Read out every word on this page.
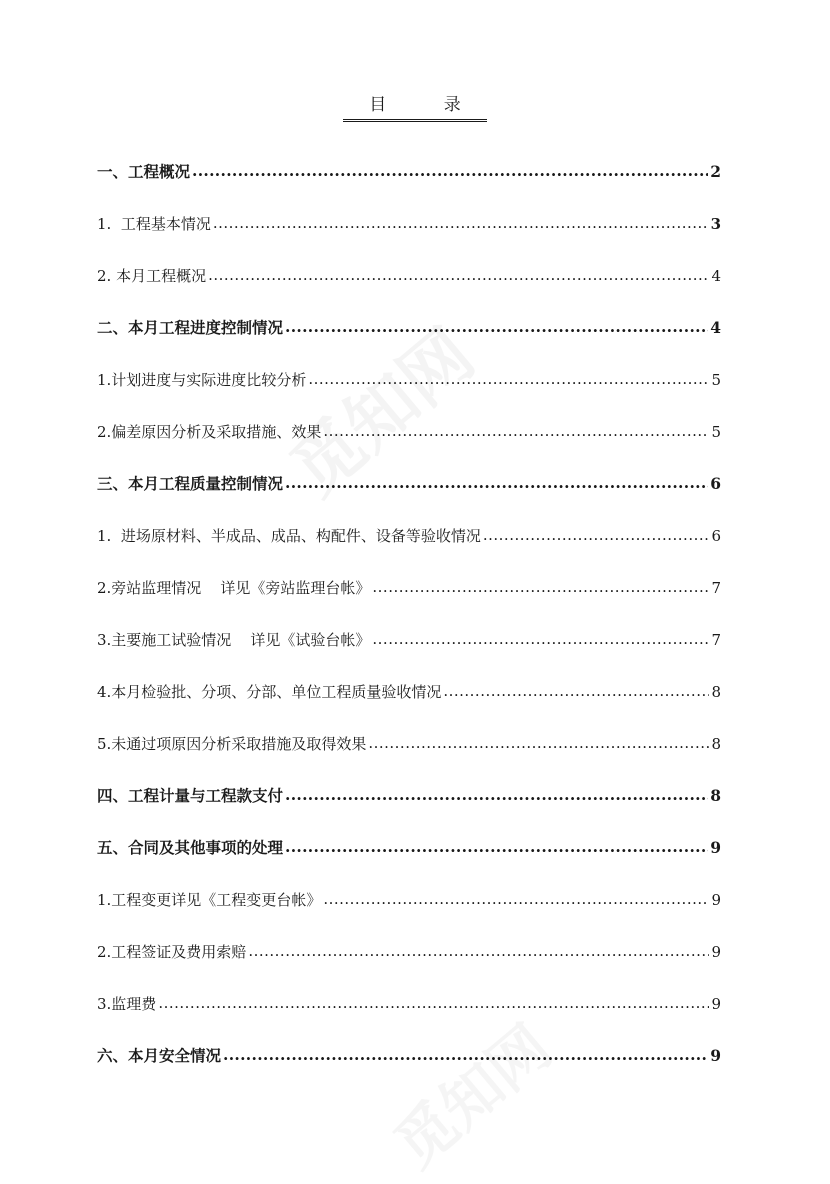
目 录
一、工程概况 .....	2
1.  工程基本情况 .....	3
2. 本月工程概况 .....	4
二、本月工程进度控制情况 .....	4
1.计划进度与实际进度比较分析 .....	5
2.偏差原因分析及采取措施、效果 .....	5
三、本月工程质量控制情况 .....	6
1.  进场原材料、半成品、成品、构配件、设备等验收情况 .....	6
2.旁站监理情况    详见《旁站监理台帐》 .....	7
3.主要施工试验情况    详见《试验台帐》 .....	7
4.本月检验批、分项、分部、单位工程质量验收情况 .....	8
5.未通过项原因分析采取措施及取得效果 .....	8
四、工程计量与工程款支付 .....	8
五、合同及其他事项的处理 .....	9
1.工程变更详见《工程变更台帐》 .....	9
2.工程签证及费用索赔 .....	9
3.监理费 .....	9
六、本月安全情况 .....	9
